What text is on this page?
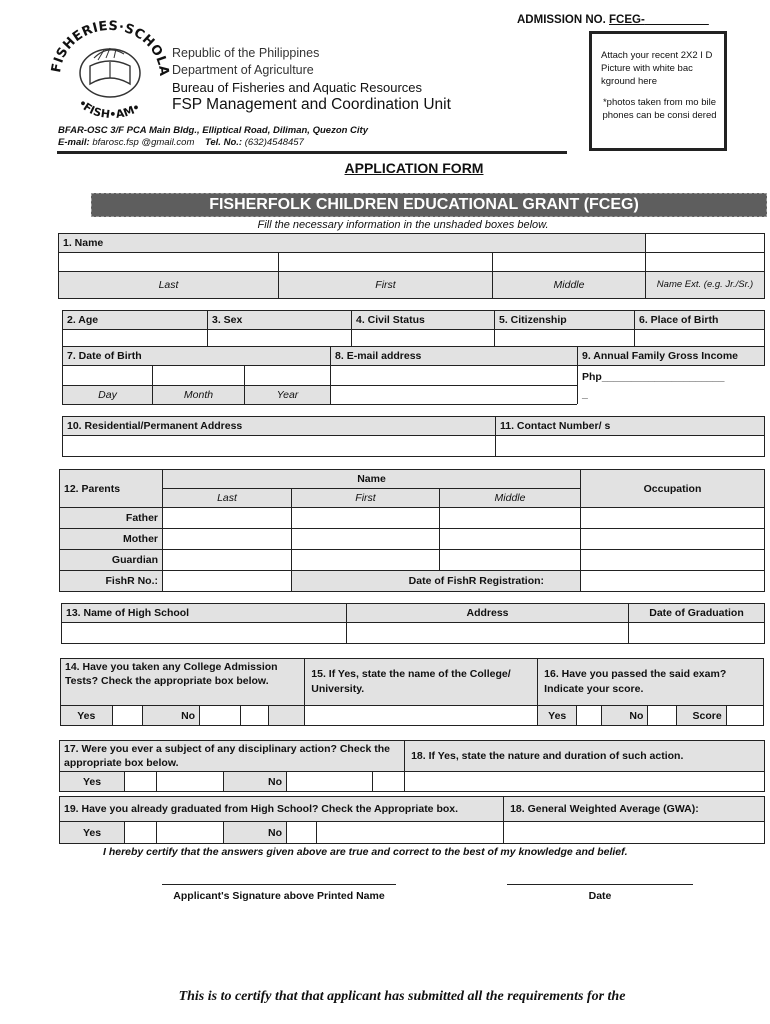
ADMISSION NO. FCEG-__________
FISHERIES·SCHOLA
•FISH•AM•
Republic of the Philippines
Department of Agriculture
Bureau of Fisheries and Aquatic Resources
FSP Management and Coordination Unit
BFAR-OSC 3/F PCA Main Bldg., Elliptical Road, Diliman, Quezon City
E-mail: bfarosc.fsp @gmail.com Tel. No.: (632)4548457
Attach your recent 2X2 I D Picture with white bac kground here
*photos taken from mo bile phones can be consi dered
APPLICATION FORM
FISHERFOLK CHILDREN EDUCATIONAL GRANT (FCEG)
Fill the necessary information in the unshaded boxes below.
1. Name			

Last	First	Middle	Name Ext. (e.g. Jr./Sr.)
2. Age	3. Sex	4. Civil Status	5. Citizenship	6. Place of Birth

7. Date of Birth			8. E-mail address	9. Annual Family Gross Income

				Php_____________________
_

Day	Month	Year		
10. Residential/Permanent Address	11. Contact Number/ s

12. Parents	Name			Occupation
	Last	First	Middle	
Father				
Mother				
Guardian				
FishR No.:		Date of FishR Registration:		
13. Name of High School	Address	Date of Graduation

14. Have you taken any College Admission Tests? Check the appropriate box below.						15. If Yes, state the name of the College/ University.	16. Have you passed the said exam? Indicate your score.					
Yes		No					Yes		No		Score	
17. Were you ever a subject of any disciplinary action? Check the appropriate box below.						18. If Yes, state the nature and duration of such action.
Yes			No			
19. Have you already graduated from High School? Check the Appropriate box.						18. General Weighted Average (GWA):
Yes			No			
I hereby certify that the answers given above are true and correct to the best of my knowledge and belief.
Applicant's Signature above Printed Name	Date
This is to certify that that applicant has submitted all the requirements for the
